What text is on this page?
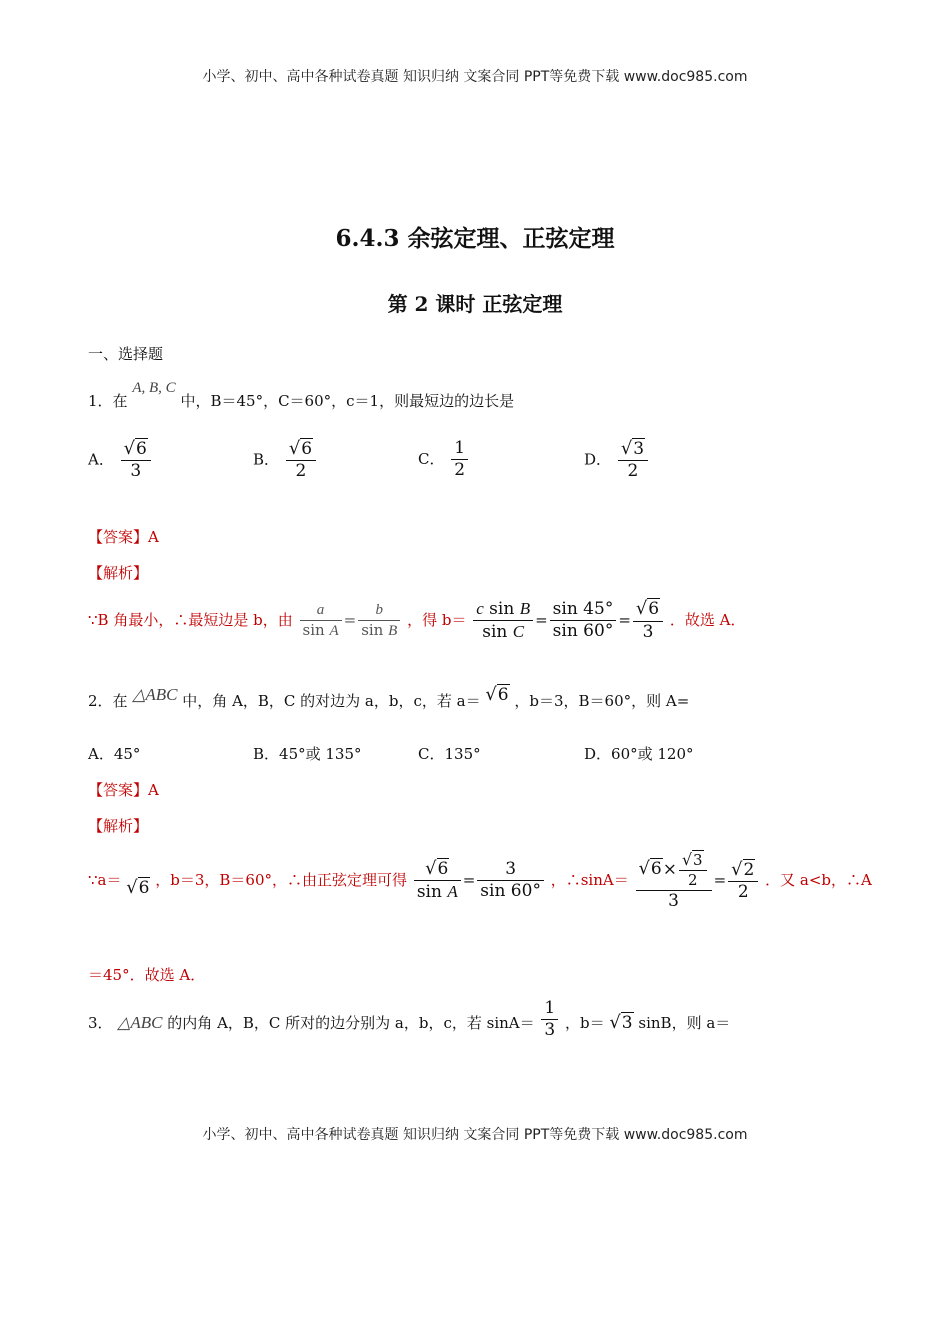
小学、初中、高中各种试卷真题 知识归纳 文案合同 PPT等免费下载 www.doc985.com
小学、初中、高中各种试卷真题 知识归纳 文案合同 PPT等免费下载 www.doc985.com
6.4.3 余弦定理、正弦定理
第 2 课时 正弦定理
一、选择题
1．在 A, B, C 中，B＝45°，C＝60°，c＝1，则最短边的边长是
A． $\frac{√6}{3}$	B． $\frac{√6}{2}$	C． $\frac{1}{2}$	D． $\frac{√3}{2}$
【答案】A
【解析】
∵B 角最小，∴最短边是 b，由 $\frac{a}{\text{sin A}} = \frac{b}{\text{sin B}}$ ，得 $b= \frac{\text{c sin B}}{\text{sin C}} = \frac{\sin 45^\circ}{\sin 60^\circ} = \frac{√6}{3}$ ．故选 A．
2．在 △ABC 中，角 A，B，C 的对边为 a，b，c，若 a＝ √6 ，b＝3，B＝60°，则 A=
A．45°	B．45°或 135°	C．135°	D．60°或 120°
【答案】A
【解析】
∵a＝ √6 ，b＝3，B＝60°，∴由正弦定理可得 $\frac{√6}{\text{sin A}} = \frac{3}{\sin 60^\circ}$ ，∴sinA＝ $\frac{√6\times \frac{√3}{2}}{3} = \frac{√2}{2}$ ．又 a<b，∴A
＝45°．故选 A．
3． △ABC 的内角 A，B，C 所对的边分别为 a，b，c，若 $\sin A= \frac{1}{3}$ ，b＝ √3 sinB，则 a＝
